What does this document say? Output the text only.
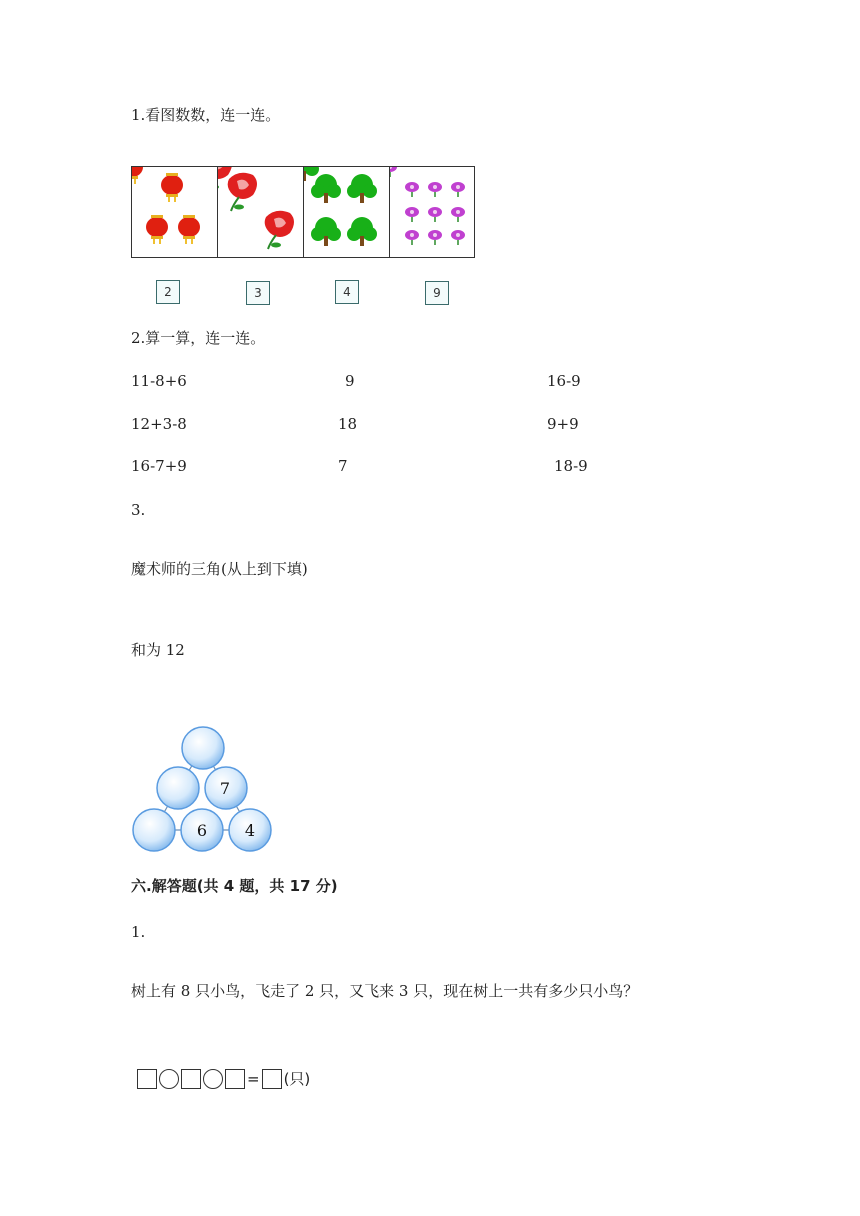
1.看图数数，连一连。
2	3	4	9
2.算一算，连一连。
11-8+6	9	16-9
12+3-8	18	9+9
16-7+9	7	18-9
3.
魔术师的三角(从上到下填)
和为 12
7
6 4
六.解答题(共 4 题，共 17 分)
1.
树上有 8 只小鸟，飞走了 2 只，又飞来 3 只，现在树上一共有多少只小鸟？
= (只)
